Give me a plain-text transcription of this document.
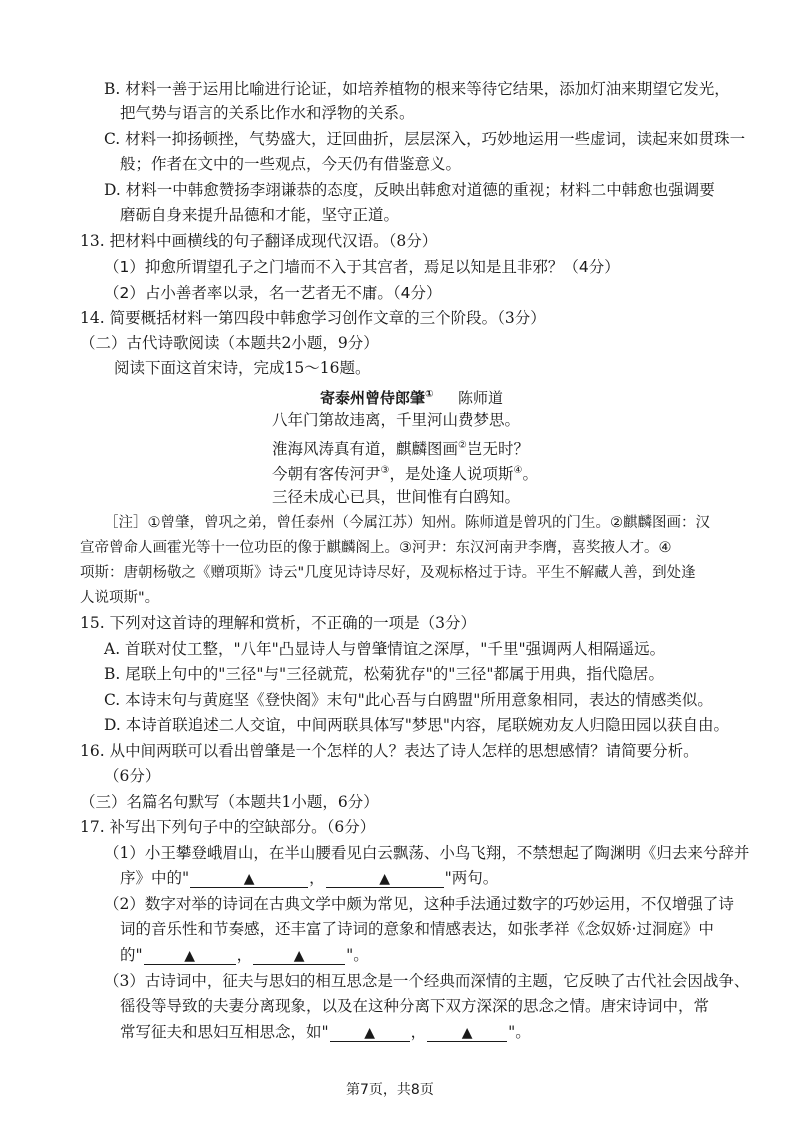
B. 材料一善于运用比喻进行论证，如培养植物的根来等待它结果，添加灯油来期望它发光，
把气势与语言的关系比作水和浮物的关系。
C. 材料一抑扬顿挫，气势盛大，迂回曲折，层层深入，巧妙地运用一些虚词，读起来如贯珠一
般；作者在文中的一些观点，今天仍有借鉴意义。
D. 材料一中韩愈赞扬李翊谦恭的态度，反映出韩愈对道德的重视；材料二中韩愈也强调要
磨砺自身来提升品德和才能，坚守正道。
13. 把材料中画横线的句子翻译成现代汉语。（8分）
（1）抑愈所谓望孔子之门墙而不入于其宫者，焉足以知是且非邪？（4分）
（2）占小善者率以录，名一艺者无不庸。（4分）
14. 简要概括材料一第四段中韩愈学习创作文章的三个阶段。（3分）
（二）古代诗歌阅读（本题共2小题，9分）
阅读下面这首宋诗，完成15～16题。
寄泰州曾侍郎肇① 陈师道
八年门第故违离，千里河山费梦思。
淮海风涛真有道，麒麟图画②岂无时？
今朝有客传河尹③，是处逢人说项斯④。
三径未成心已具，世间惟有白鸥知。
［注］①曾肇，曾巩之弟，曾任泰州（今属江苏）知州。陈师道是曾巩的门生。②麒麟图画：汉
宣帝曾命人画霍光等十一位功臣的像于麒麟阁上。③河尹：东汉河南尹李膺，喜奖掖人才。④
项斯：唐朝杨敬之《赠项斯》诗云"几度见诗诗尽好，及观标格过于诗。平生不解藏人善，到处逢
人说项斯"。
15. 下列对这首诗的理解和赏析，不正确的一项是（3分）
A. 首联对仗工整，"八年"凸显诗人与曾肇情谊之深厚，"千里"强调两人相隔遥远。
B. 尾联上句中的"三径"与"三径就荒，松菊犹存"的"三径"都属于用典，指代隐居。
C. 本诗末句与黄庭坚《登快阁》末句"此心吾与白鸥盟"所用意象相同，表达的情感类似。
D. 本诗首联追述二人交谊，中间两联具体写"梦思"内容，尾联婉劝友人归隐田园以获自由。
16. 从中间两联可以看出曾肇是一个怎样的人？表达了诗人怎样的思想感情？请简要分析。
（6分）
（三）名篇名句默写（本题共1小题，6分）
17. 补写出下列句子中的空缺部分。（6分）
（1）小王攀登峨眉山，在半山腰看见白云飘荡、小鸟飞翔，不禁想起了陶渊明《归去来兮辞并
序》中的"	▲	，	▲	"两句。
（2）数字对举的诗词在古典文学中颇为常见，这种手法通过数字的巧妙运用，不仅增强了诗
词的音乐性和节奏感，还丰富了诗词的意象和情感表达，如张孝祥《念奴娇·过洞庭》中
的"	▲	，	▲	"。
（3）古诗词中，征夫与思妇的相互思念是一个经典而深情的主题，它反映了古代社会因战争、
徭役等导致的夫妻分离现象，以及在这种分离下双方深深的思念之情。唐宋诗词中，常
常写征夫和思妇互相思念，如"	▲ ，	▲ "。
第7页，共8页
